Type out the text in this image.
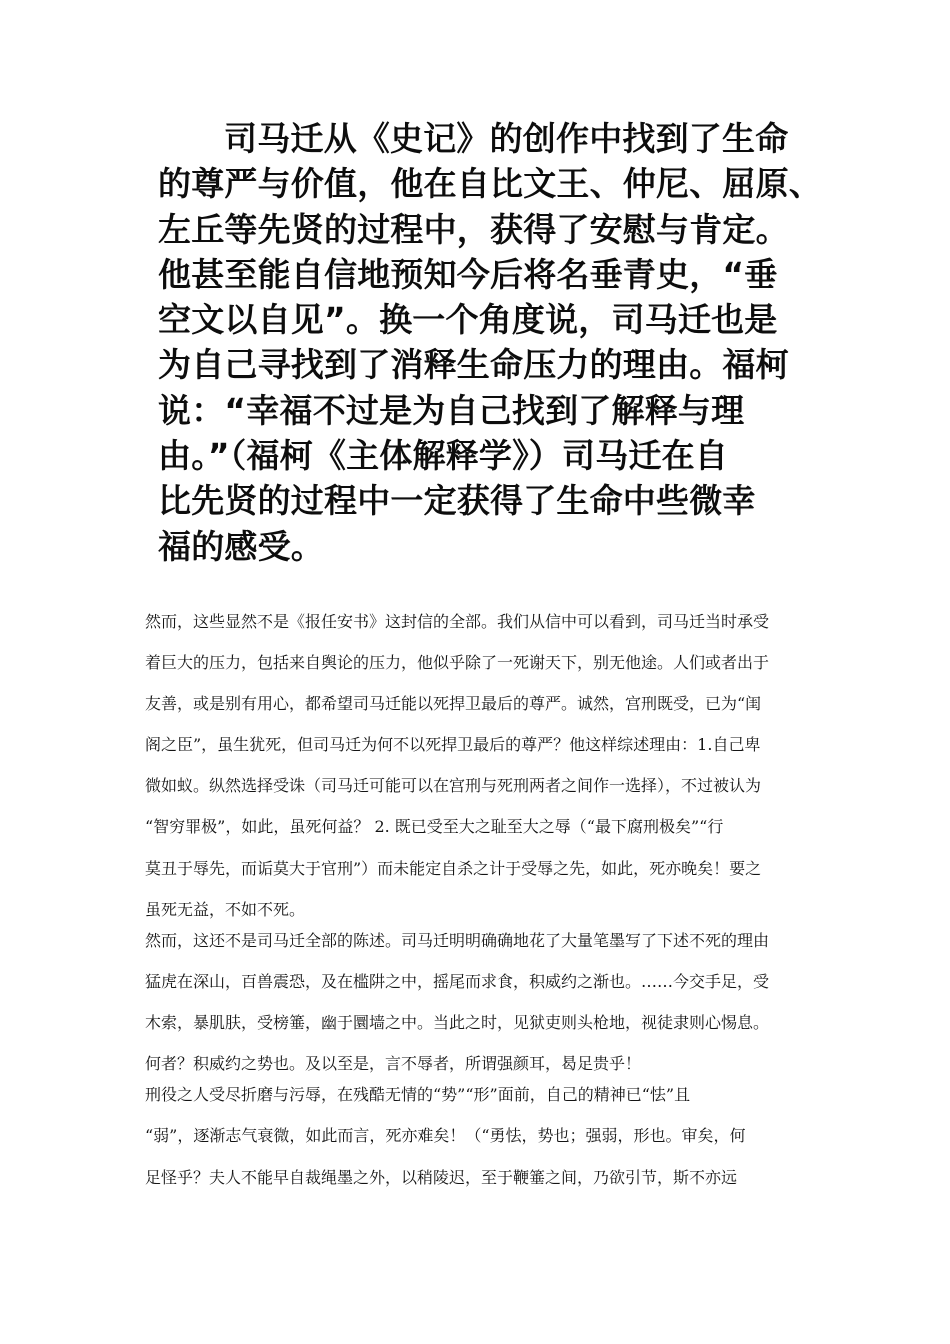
司马迁从《史记》的创作中找到了生命
的尊严与价值，他在自比文王、仲尼、屈原、
左丘等先贤的过程中，获得了安慰与肯定。
他甚至能自信地预知今后将名垂青史，“垂
空文以自见”。换一个角度说，司马迁也是
为自己寻找到了消释生命压力的理由。福柯
说：“幸福不过是为自己找到了解释与理
由。”（福柯《主体解释学》）司马迁在自
比先贤的过程中一定获得了生命中些微幸
福的感受。
然而，这些显然不是《报任安书》这封信的全部。我们从信中可以看到，司马迁当时承受
着巨大的压力，包括来自舆论的压力，他似乎除了一死谢天下，别无他途。人们或者出于
友善，或是别有用心，都希望司马迁能以死捍卫最后的尊严。诚然，宫刑既受，已为“闺
阁之臣”，虽生犹死，但司马迁为何不以死捍卫最后的尊严？他这样综述理由：1.自己卑
微如蚁。纵然选择受诛（司马迁可能可以在宫刑与死刑两者之间作一选择），不过被认为
“智穷罪极”，如此，虽死何益？ 2. 既已受至大之耻至大之辱（“最下腐刑极矣”“行
莫丑于辱先，而诟莫大于官刑”）而未能定自杀之计于受辱之先，如此，死亦晚矣！要之
虽死无益，不如不死。
然而，这还不是司马迁全部的陈述。司马迁明明确确地花了大量笔墨写了下述不死的理由
猛虎在深山，百兽震恐，及在槛阱之中，摇尾而求食，积威约之渐也。……今交手足，受
木索，暴肌肤，受榜箠，幽于圜墙之中。当此之时，见狱吏则头枪地，视徒隶则心惕息。
何者？积威约之势也。及以至是，言不辱者，所谓强颜耳，曷足贵乎！
刑役之人受尽折磨与污辱，在残酷无情的“势”“形”面前，自己的精神已“怯”且
“弱”，逐渐志气衰微，如此而言，死亦难矣！（“勇怯，势也；强弱，形也。审矣，何
足怪乎？夫人不能早自裁绳墨之外，以稍陵迟，至于鞭箠之间，乃欲引节，斯不亦远
